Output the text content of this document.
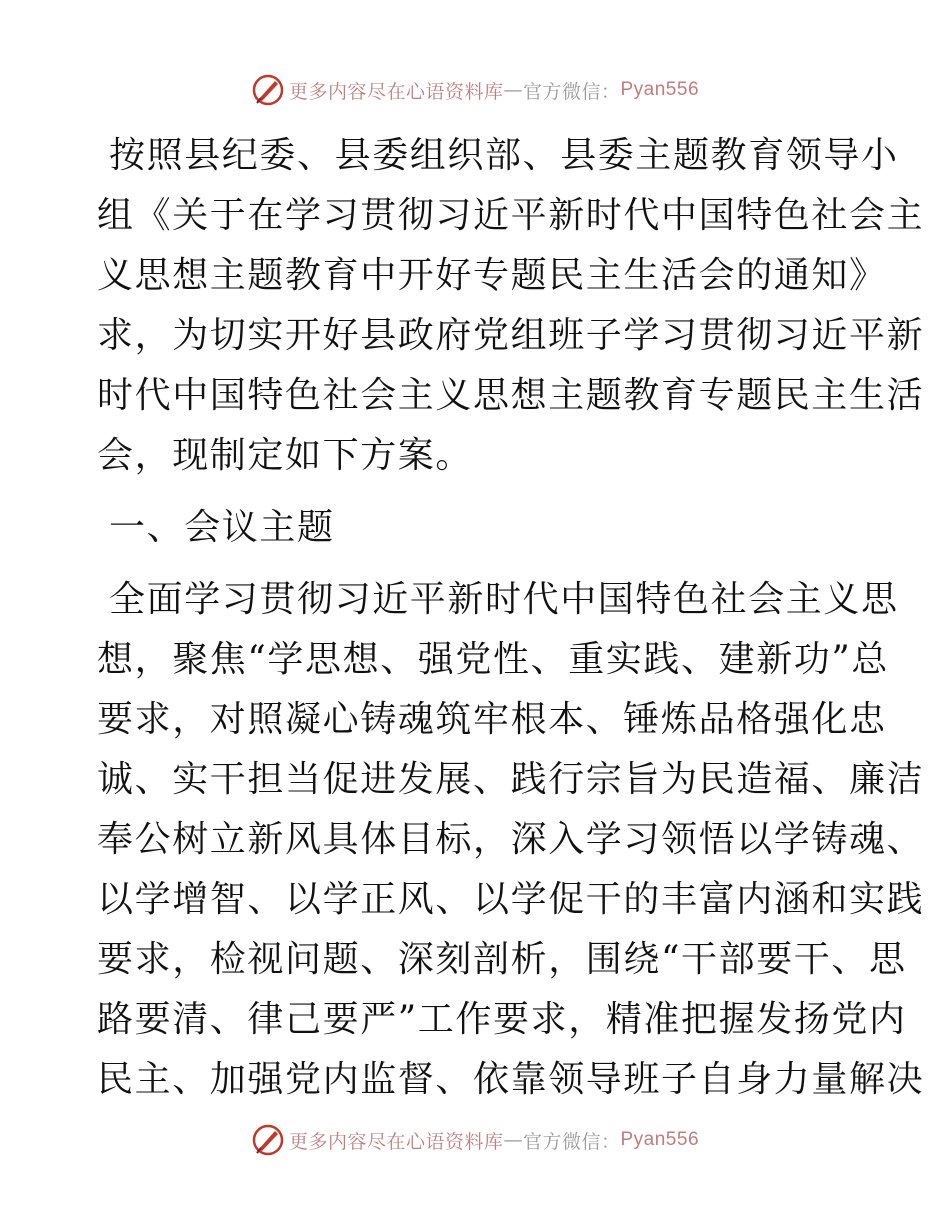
更多内容尽在心语资料库 — 官方微信： Pyan556
按照县纪委、县委组织部、县委主题教育领导小
组《关于在学习贯彻习近平新时代中国特色社会主
义思想主题教育中开好专题民主生活会的通知》
求，为切实开好县政府党组班子学习贯彻习近平新
时代中国特色社会主义思想主题教育专题民主生活
会，现制定如下方案。
一、会议主题
全面学习贯彻习近平新时代中国特色社会主义思
想，聚焦“学思想、强党性、重实践、建新功”总
要求，对照凝心铸魂筑牢根本、锤炼品格强化忠
诚、实干担当促进发展、践行宗旨为民造福、廉洁
奉公树立新风具体目标，深入学习领悟以学铸魂、
以学增智、以学正风、以学促干的丰富内涵和实践
要求，检视问题、深刻剖析，围绕“干部要干、思
路要清、律己要严”工作要求，精准把握发扬党内
民主、加强党内监督、依靠领导班子自身力量解决
更多内容尽在心语资料库 — 官方微信： Pyan556
